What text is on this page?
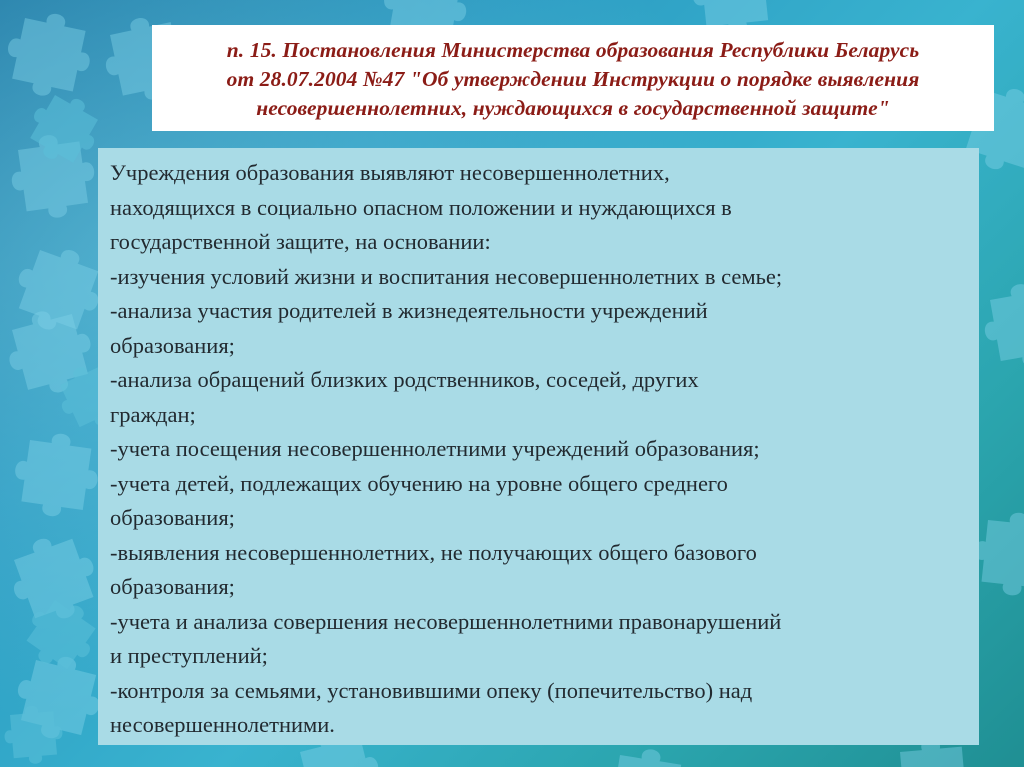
п. 15. Постановления Министерства образования Республики Беларусь
от 28.07.2004 №47 "Об утверждении Инструкции о порядке выявления
несовершеннолетних, нуждающихся в государственной защите"
Учреждения образования выявляют несовершеннолетних,
находящихся в социально опасном положении и нуждающихся в
государственной защите, на основании:
-изучения условий жизни и воспитания несовершеннолетних в семье;
-анализа участия родителей в жизнедеятельности учреждений
образования;
-анализа обращений близких родственников, соседей, других
граждан;
-учета посещения несовершеннолетними учреждений образования;
-учета детей, подлежащих обучению на уровне общего среднего
образования;
-выявления несовершеннолетних, не получающих общего базового
образования;
-учета и анализа совершения несовершеннолетними правонарушений
и преступлений;
-контроля за семьями, установившими опеку (попечительство) над
несовершеннолетними.
